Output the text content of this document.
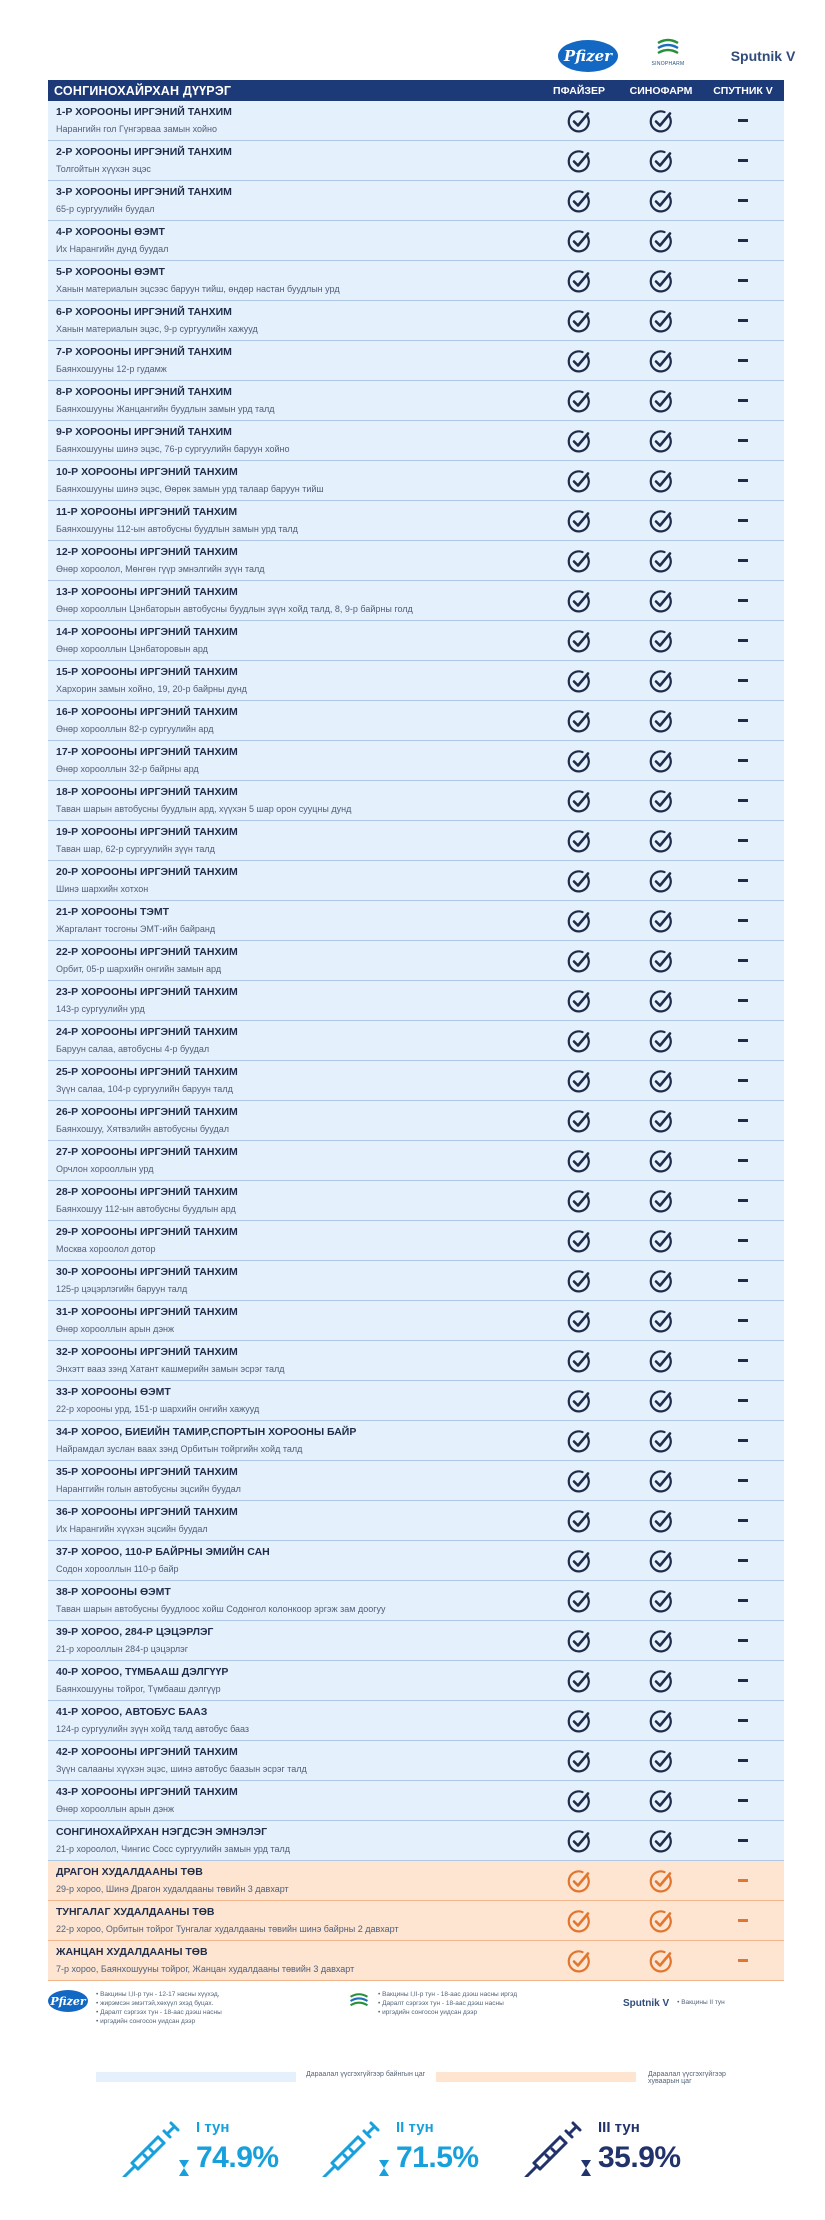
Pfizer	SINOPHARM	Sputnik V
СОНГИНОХАЙРХАН ДҮҮРЭГ	ПФАЙЗЕР	СИНОФАРМ	СПУТНИК V
1-Р ХОРООНЫ ИРГЭНИЙ ТАНХИМ
Нарангийн гол Гүнгэрваа замын хойно
2-Р ХОРООНЫ ИРГЭНИЙ ТАНХИМ
Толгойтын хүүхэн эцэс
3-Р ХОРООНЫ ИРГЭНИЙ ТАНХИМ
65-р сургуулийн буудал
4-Р ХОРООНЫ ӨЭМТ
Их Нарангийн дунд буудал
5-Р ХОРООНЫ ӨЭМТ
Ханын материалын эцсээс баруун тийш, өндөр настан буудлын урд
6-Р ХОРООНЫ ИРГЭНИЙ ТАНХИМ
Ханын материалын эцэс, 9-р сургуулийн хажууд
7-Р ХОРООНЫ ИРГЭНИЙ ТАНХИМ
Баянхошууны 12-р гудамж
8-Р ХОРООНЫ ИРГЭНИЙ ТАНХИМ
Баянхошууны Жанцангийн буудлын замын урд талд
9-Р ХОРООНЫ ИРГЭНИЙ ТАНХИМ
Баянхошууны шинэ эцэс, 76-р сургуулийн баруун хойно
10-Р ХОРООНЫ ИРГЭНИЙ ТАНХИМ
Баянхошууны шинэ эцэс, Өөрөк замын урд талаар баруун тийш
11-Р ХОРООНЫ ИРГЭНИЙ ТАНХИМ
Баянхошууны 112-ын автобусны буудлын замын урд талд
12-Р ХОРООНЫ ИРГЭНИЙ ТАНХИМ
Өнөр хороолол, Мөнгөн гүүр эмнэлгийн зүүн талд
13-Р ХОРООНЫ ИРГЭНИЙ ТАНХИМ
Өнөр хорооллын Цэнбаторын автобусны буудлын зүүн хойд талд, 8, 9-р байрны голд
14-Р ХОРООНЫ ИРГЭНИЙ ТАНХИМ
Өнөр хорооллын Цэнбаторовын ард
15-Р ХОРООНЫ ИРГЭНИЙ ТАНХИМ
Хархорин замын хойно, 19, 20-р байрны дунд
16-Р ХОРООНЫ ИРГЭНИЙ ТАНХИМ
Өнөр хорооллын 82-р сургуулийн ард
17-Р ХОРООНЫ ИРГЭНИЙ ТАНХИМ
Өнөр хорооллын 32-р байрны ард
18-Р ХОРООНЫ ИРГЭНИЙ ТАНХИМ
Таван шарын автобусны буудлын ард, хүүхэн 5 шар орон сууцны дунд
19-Р ХОРООНЫ ИРГЭНИЙ ТАНХИМ
Таван шар, 62-р сургуулийн зүүн талд
20-Р ХОРООНЫ ИРГЭНИЙ ТАНХИМ
Шинэ шархийн хотхон
21-Р ХОРООНЫ ТЭМТ
Жаргалант тосгоны ЭМТ-ийн байранд
22-Р ХОРООНЫ ИРГЭНИЙ ТАНХИМ
Орбит, 05-р шархийн онгийн замын ард
23-Р ХОРООНЫ ИРГЭНИЙ ТАНХИМ
143-р сургуулийн урд
24-Р ХОРООНЫ ИРГЭНИЙ ТАНХИМ
Баруун салаа, автобусны 4-р буудал
25-Р ХОРООНЫ ИРГЭНИЙ ТАНХИМ
Зүүн салаа, 104-р сургуулийн баруун талд
26-Р ХОРООНЫ ИРГЭНИЙ ТАНХИМ
Баянхошуу, Хятвэлийн автобусны буудал
27-Р ХОРООНЫ ИРГЭНИЙ ТАНХИМ
Орчлон хорооллын урд
28-Р ХОРООНЫ ИРГЭНИЙ ТАНХИМ
Баянхошуу 112-ын автобусны буудлын ард
29-Р ХОРООНЫ ИРГЭНИЙ ТАНХИМ
Москва хороолол дотор
30-Р ХОРООНЫ ИРГЭНИЙ ТАНХИМ
125-р цэцэрлэгийн баруун талд
31-Р ХОРООНЫ ИРГЭНИЙ ТАНХИМ
Өнөр хорооллын арын дэнж
32-Р ХОРООНЫ ИРГЭНИЙ ТАНХИМ
Энхэтт вааз зэнд Хатант кашмерийн замын эсрэг талд
33-Р ХОРООНЫ ӨЭМТ
22-р хорооны урд, 151-р шархийн онгийн хажууд
34-Р ХОРОО, БИЕИЙН ТАМИР,СПОРТЫН ХОРООНЫ БАЙР
Найрамдал зуслан ваах зэнд Орбитын тойргийн хойд талд
35-Р ХОРООНЫ ИРГЭНИЙ ТАНХИМ
Наранггийн голын автобусны эцсийн буудал
36-Р ХОРООНЫ ИРГЭНИЙ ТАНХИМ
Их Нарангийн хүүхэн эцсийн буудал
37-Р ХОРОО, 110-Р БАЙРНЫ ЭМИЙН САН
Содон хорооллын 110-р байр
38-Р ХОРООНЫ ӨЭМТ
Таван шарын автобусны буудлоос хойш Содонгол колонкоор эргэж зам доогуу
39-Р ХОРОО, 284-Р ЦЭЦЭРЛЭГ
21-р хорооллын 284-р цэцэрлэг
40-Р ХОРОО, ТҮМБААШ ДЭЛГҮҮР
Баянхошууны тойрог, Түмбааш дэлгүүр
41-Р ХОРОО, АВТОБУС БААЗ
124-р сургуулийн зүүн хойд талд автобус бааз
42-Р ХОРООНЫ ИРГЭНИЙ ТАНХИМ
Зүүн салааны хүүхэн эцэс, шинэ автобус баазын эсрэг талд
43-Р ХОРООНЫ ИРГЭНИЙ ТАНХИМ
Өнөр хорооллын арын дэнж
СОНГИНОХАЙРХАН НЭГДСЭН ЭМНЭЛЭГ
21-р хороолол, Чингис Сосс сургуулийн замын урд талд
ДРАГОН ХУДАЛДААНЫ ТӨВ
29-р хороо, Шинэ Драгон худалдааны төвийн 3 давхарт
ТУНГАЛАГ ХУДАЛДААНЫ ТӨВ
22-р хороо, Орбитын тойрог Тунгалаг худалдааны төвийн шинэ байрны 2 давхарт
ЖАНЦАН ХУДАЛДААНЫ ТӨВ
7-р хороо, Баянхошууны тойрог, Жанцан худалдааны төвийн 3 давхарт
Pfizer	• Вакцины I,II-р тун - 12-17 насны хүүхэд,
• жирэмсэн эмэгтэй,хөхүүл эхэд буцах.
• Даралт сэргээх тун - 18-аас дээш насны
• иргэдийн сонгосон уидсан дээр
• Вакцины I,II-р тун - 18-аас дээш насны иргэд
• Даралт сэргээх тун - 18-аас дээш насны
• иргэдийн сонгосон уидсан дээр
Sputnik V	• Вакцины II тун
Дараалал үүсгэхгүйгээр байнгын цаг	Дараалал үүсгэхгүйгээр хуваарын цаг
I тун
74.9%
II тун
71.5%
III тун
35.9%
